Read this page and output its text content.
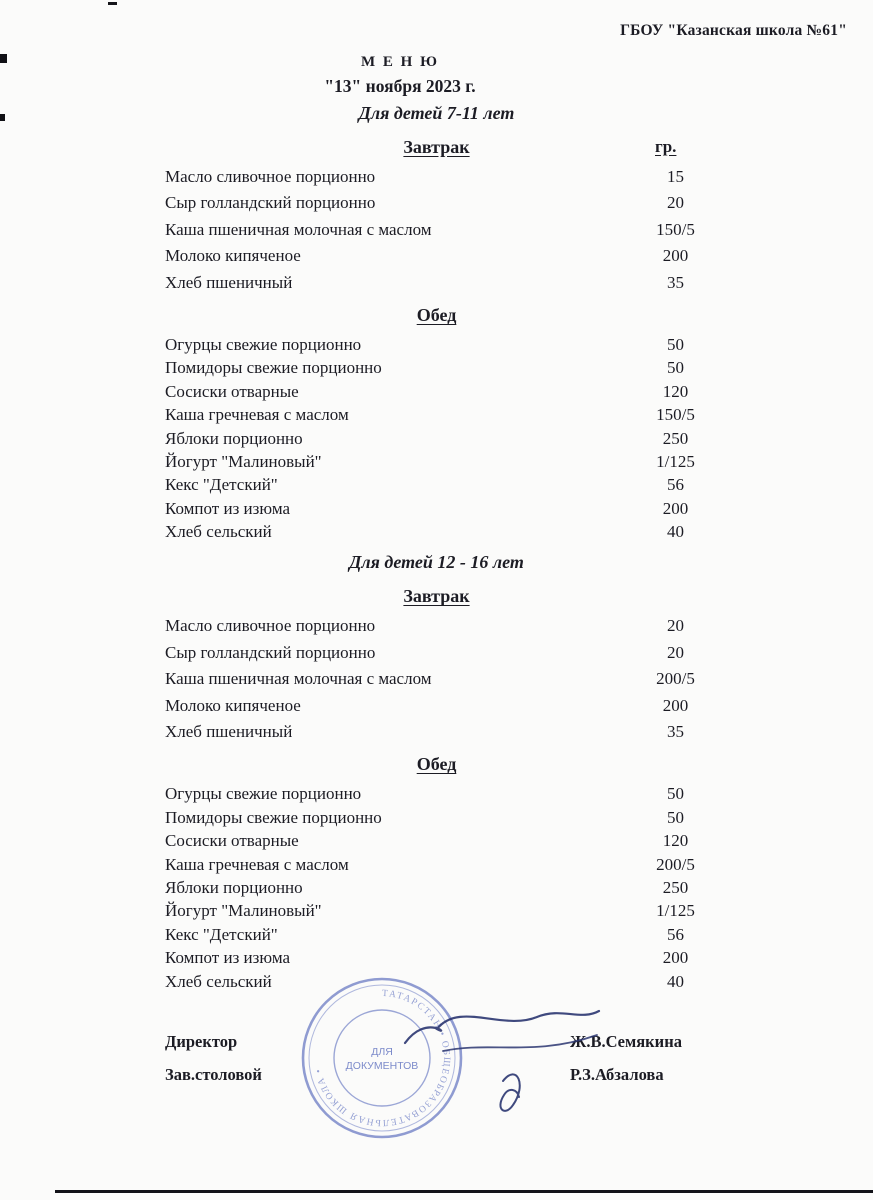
ГБОУ "Казанская школа №61"
М Е Н Ю
"13" ноября 2023 г.
Для детей 7-11 лет
Завтрак	гр.
Масло сливочное порционно	15
Сыр голландский порционно	20
Каша пшеничная молочная с маслом	150/5
Молоко кипяченое	200
Хлеб пшеничный	35
Обед
Огурцы свежие порционно	50
Помидоры свежие порционно	50
Сосиски отварные	120
Каша гречневая с маслом	150/5
Яблоки порционно	250
Йогурт "Малиновый"	1/125
Кекс "Детский"	56
Компот из изюма	200
Хлеб сельский	40
Для детей 12 - 16 лет
Завтрак
Масло сливочное порционно	20
Сыр голландский порционно	20
Каша пшеничная молочная с маслом	200/5
Молоко кипяченое	200
Хлеб пшеничный	35
Обед
Огурцы свежие порционно	50
Помидоры свежие порционно	50
Сосиски отварные	120
Каша гречневая с маслом	200/5
Яблоки порционно	250
Йогурт "Малиновый"	1/125
Кекс "Детский"	56
Компот из изюма	200
Хлеб сельский	40
Директор	Ж.В.Семякина
Зав.столовой	Р.З.Абзалова
ТАТАРСТАН • ОБЩЕОБРАЗОВАТЕЛЬНАЯ ШКОЛА •
ДЛЯ
ДОКУМЕНТОВ
